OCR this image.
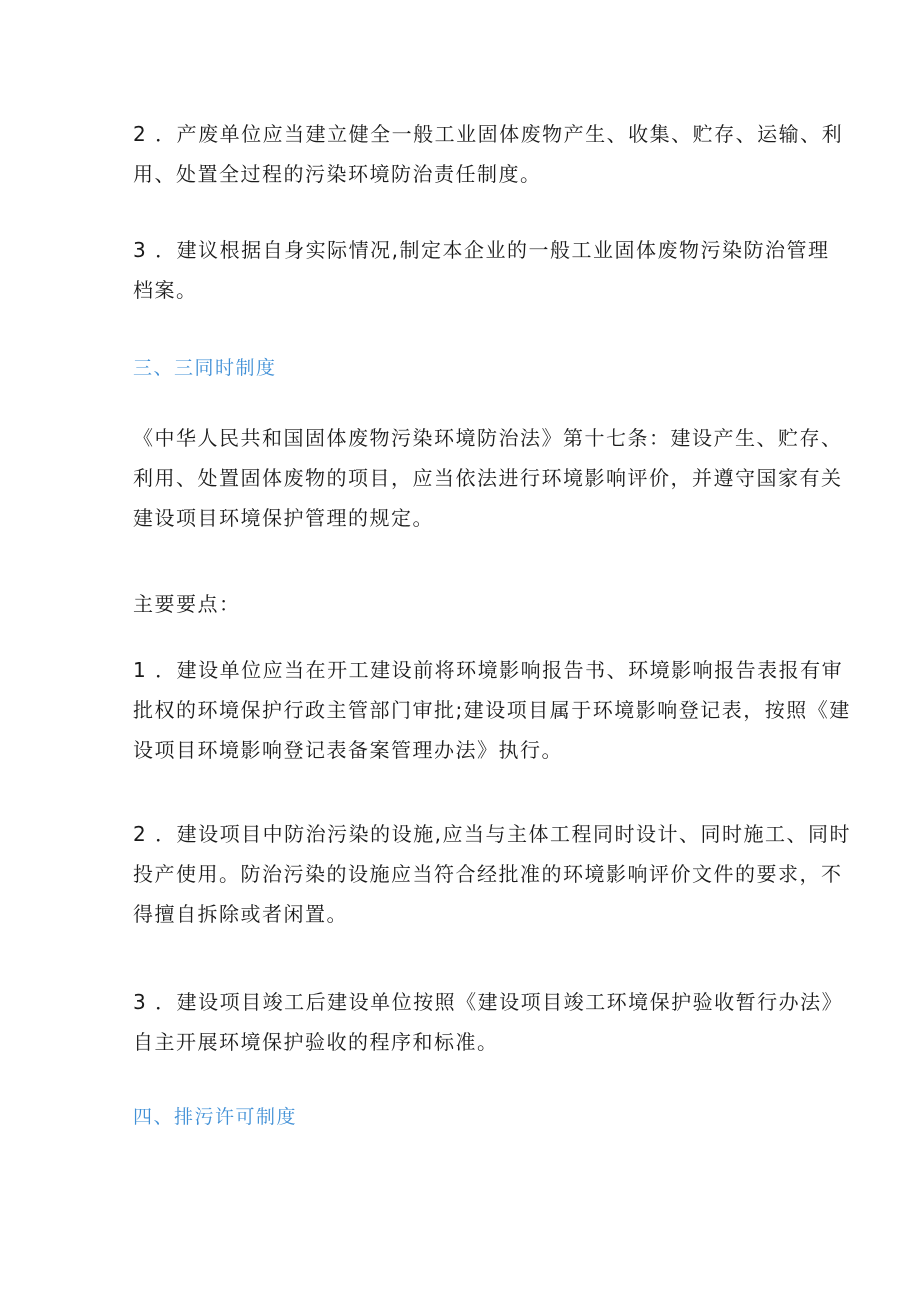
2 ．产废单位应当建立健全一般工业固体废物产生、收集、贮存、运输、利
用、处置全过程的污染环境防治责任制度。
3 ．建议根据自身实际情况,制定本企业的一般工业固体废物污染防治管理
档案。
三、三同时制度
《中华人民共和国固体废物污染环境防治法》第十七条：建设产生、贮存、
利用、处置固体废物的项目，应当依法进行环境影响评价，并遵守国家有关
建设项目环境保护管理的规定。
主要要点：
1 ．建设单位应当在开工建设前将环境影响报告书、环境影响报告表报有审
批权的环境保护行政主管部门审批;建设项目属于环境影响登记表，按照《建
设项目环境影响登记表备案管理办法》执行。
2 ．建设项目中防治污染的设施,应当与主体工程同时设计、同时施工、同时
投产使用。防治污染的设施应当符合经批准的环境影响评价文件的要求，不
得擅自拆除或者闲置。
3 ．建设项目竣工后建设单位按照《建设项目竣工环境保护验收暂行办法》
自主开展环境保护验收的程序和标准。
四、排污许可制度
